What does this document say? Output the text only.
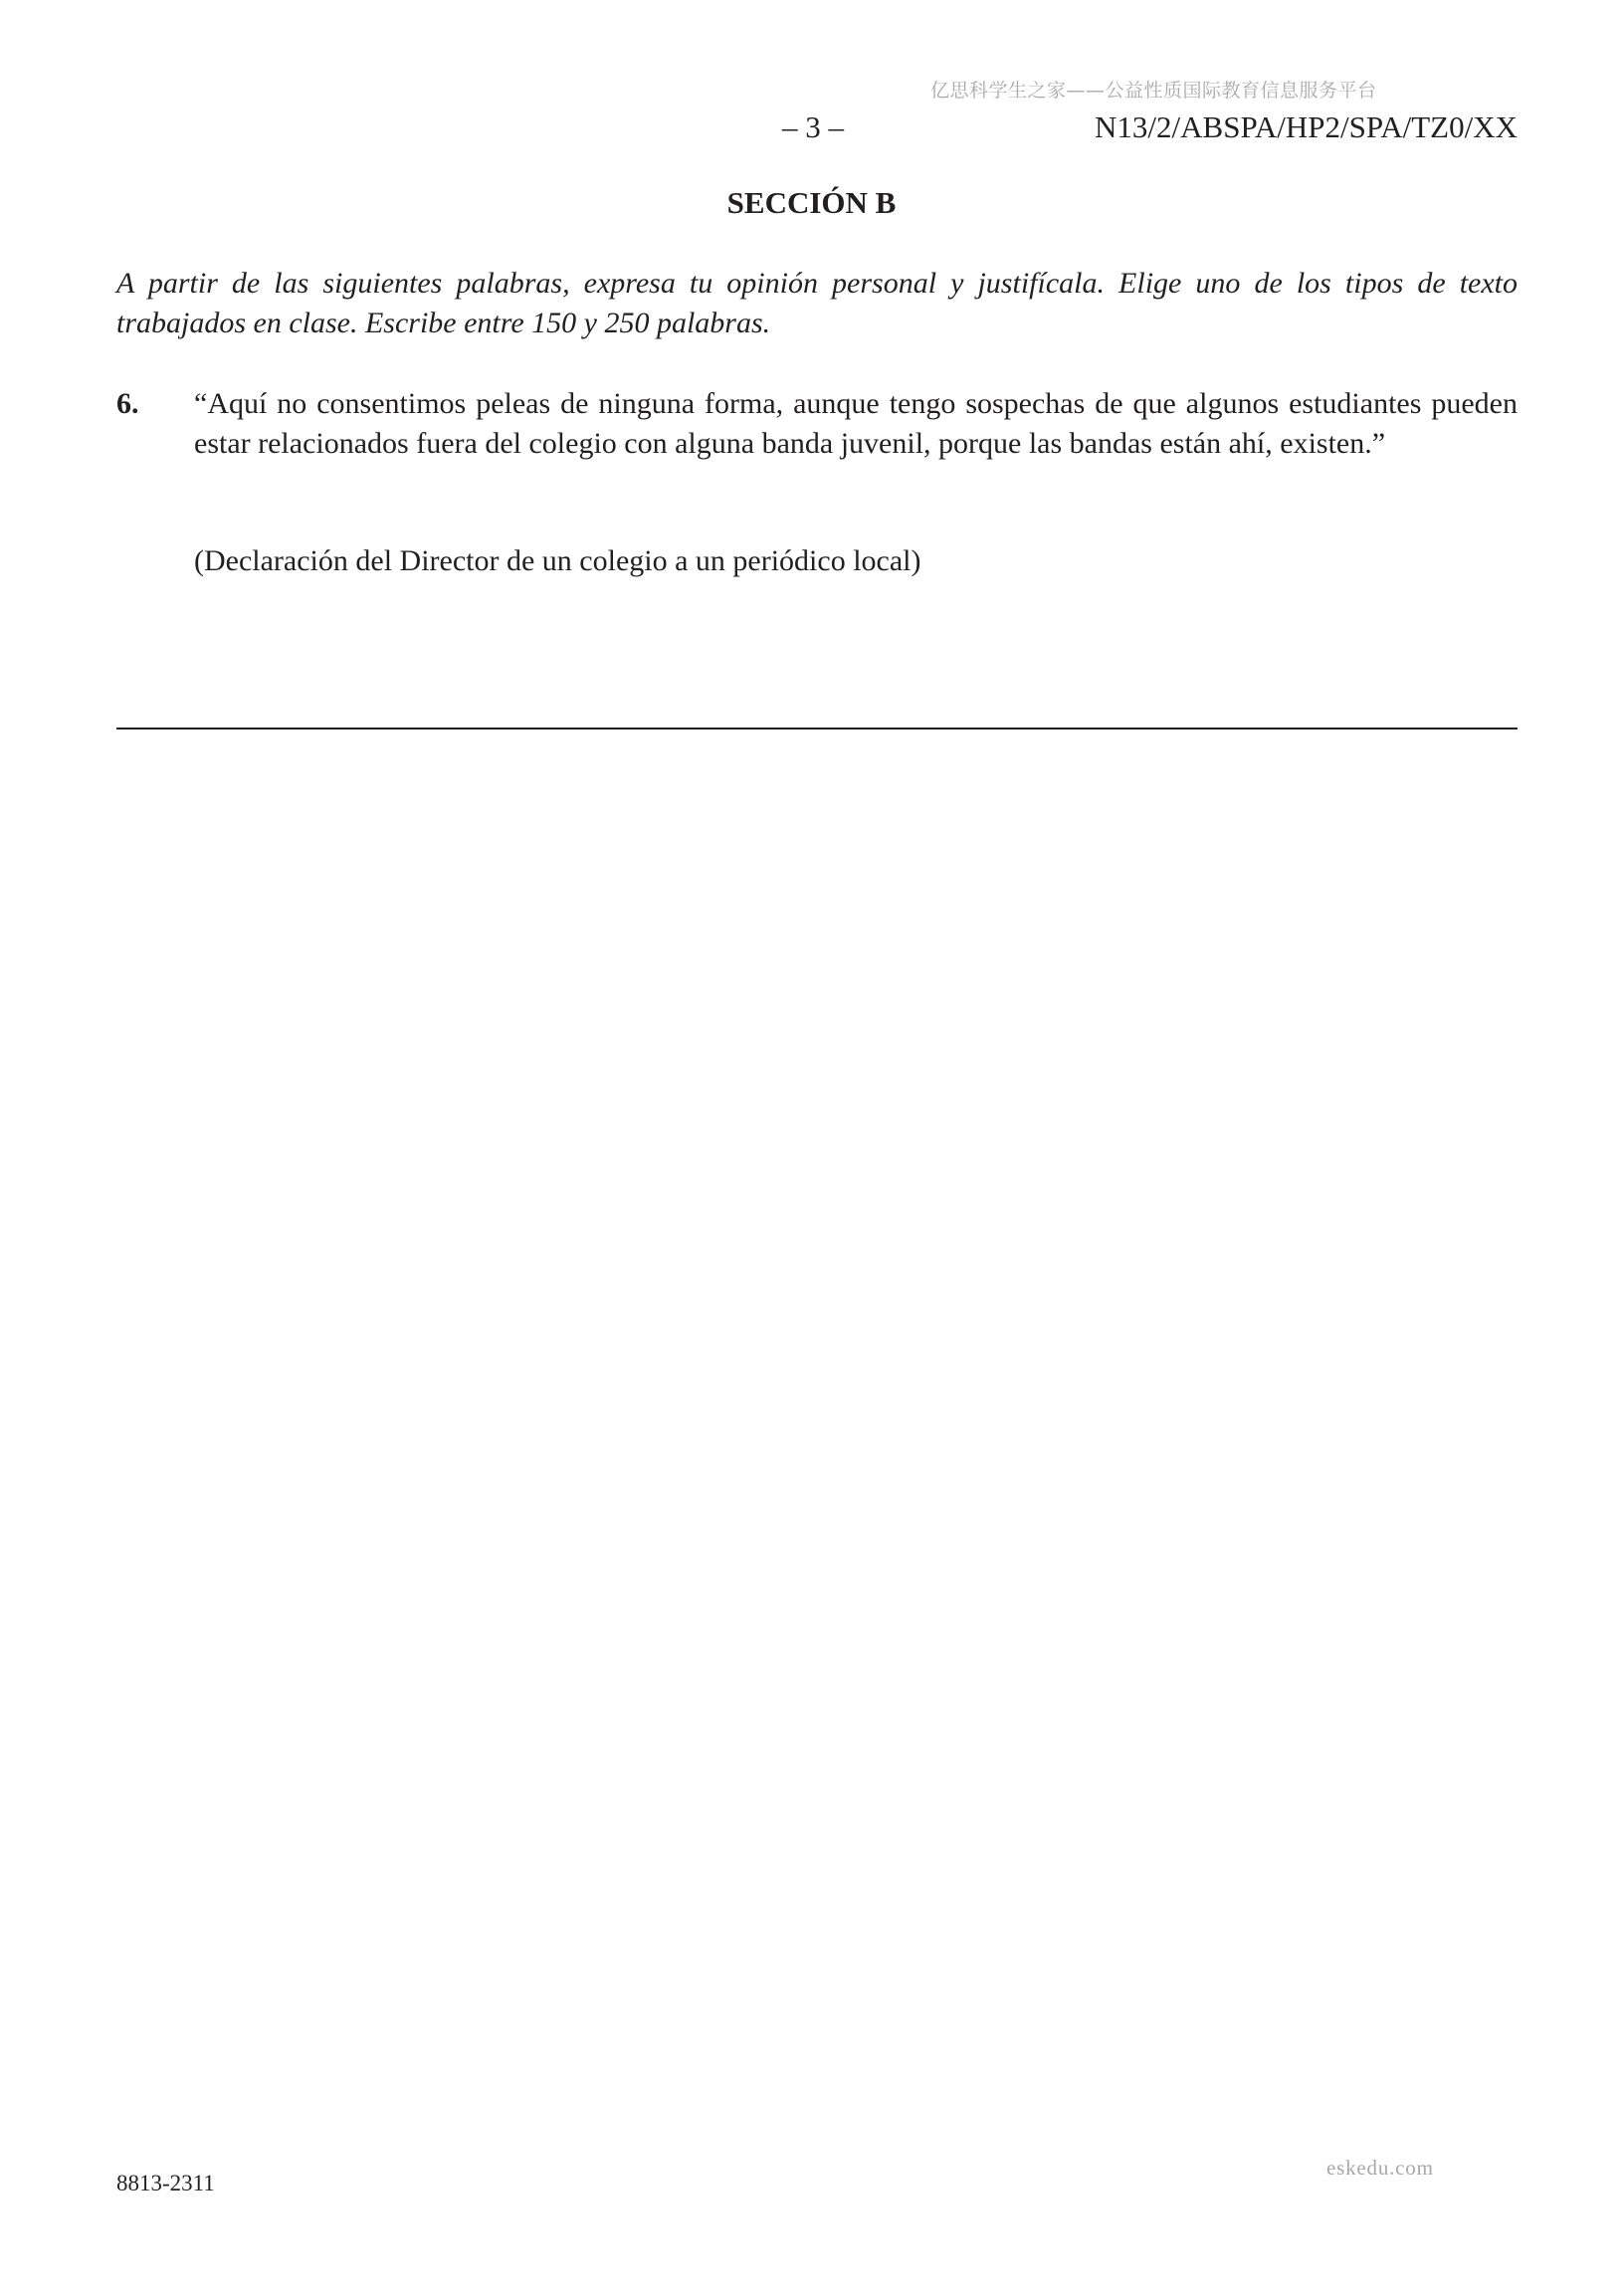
亿思科学生之家——公益性质国际教育信息服务平台
– 3 –	N13/2/ABSPA/HP2/SPA/TZ0/XX
SECCIÓN B

A partir de las siguientes palabras, expresa tu opinión personal y justifícala. Elige uno de los tipos de texto trabajados en clase. Escribe entre 150 y 250 palabras.

6. “Aquí no consentimos peleas de ninguna forma, aunque tengo sospechas de que algunos estudiantes pueden estar relacionados fuera del colegio con alguna banda juvenil, porque las bandas están ahí, existen.”

(Declaración del Director de un colegio a un periódico local)
8813-2311
eskedu.com
